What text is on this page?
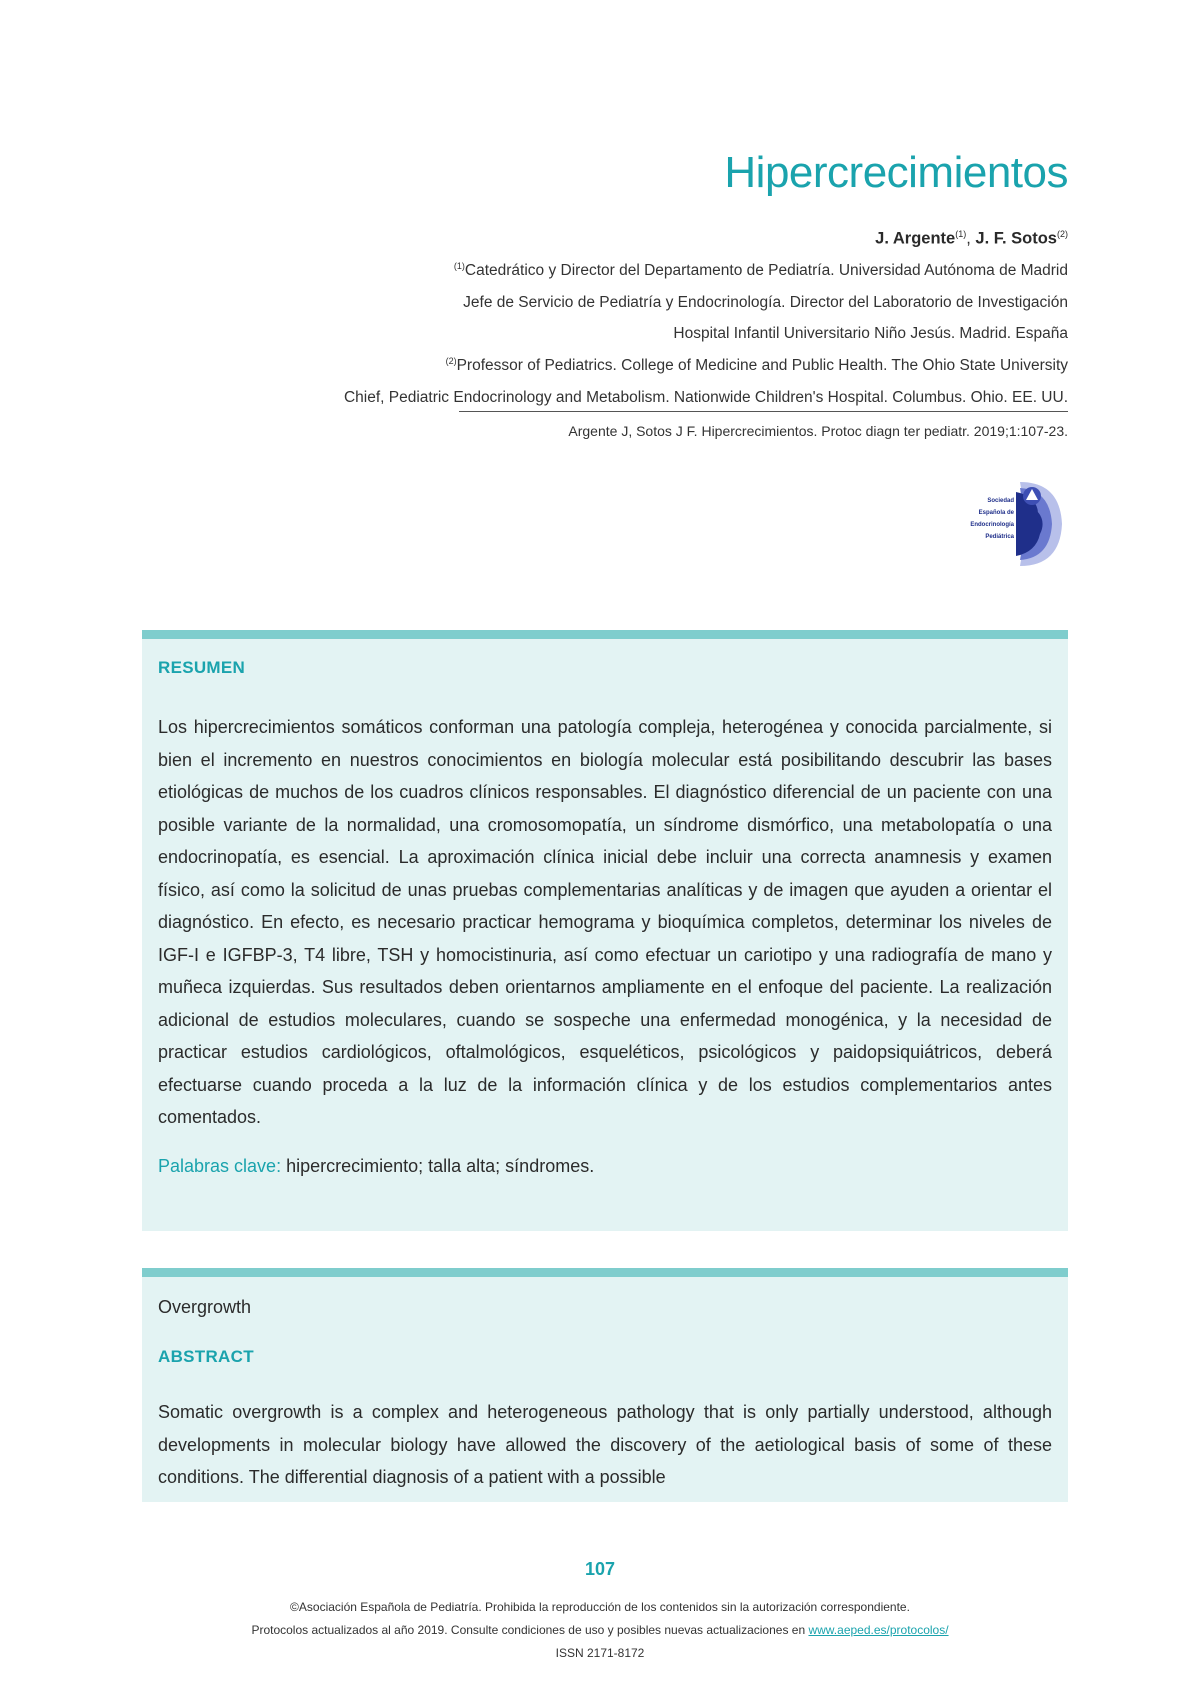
Hipercrecimientos
J. Argente$^{(1)}$, J. F. Sotos$^{(2)}$
$^{(1)}$Catedrático y Director del Departamento de Pediatría. Universidad Autónoma de Madrid
Jefe de Servicio de Pediatría y Endocrinología. Director del Laboratorio de Investigación
Hospital Infantil Universitario Niño Jesús. Madrid. España
$^{(2)}$Professor of Pediatrics. College of Medicine and Public Health. The Ohio State University
Chief, Pediatric Endocrinology and Metabolism. Nationwide Children's Hospital. Columbus. Ohio. EE. UU.
Argente J, Sotos J F. Hipercrecimientos. Protoc diagn ter pediatr. 2019;1:107-23.
Sociedad
Española de
Endocrinología
Pediátrica
RESUMEN

Los hipercrecimientos somáticos conforman una patología compleja, heterogénea y conocida parcialmente, si bien el incremento en nuestros conocimientos en biología molecular está posibilitando descubrir las bases etiológicas de muchos de los cuadros clínicos responsables. El diagnóstico diferencial de un paciente con una posible variante de la normalidad, una cromosomopatía, un síndrome dismórfico, una metabolopatía o una endocrinopatía, es esencial. La aproximación clínica inicial debe incluir una correcta anamnesis y examen físico, así como la solicitud de unas pruebas complementarias analíticas y de imagen que ayuden a orientar el diagnóstico. En efecto, es necesario practicar hemograma y bioquímica completos, determinar los niveles de IGF-I e IGFBP-3, T4 libre, TSH y homocistinuria, así como efectuar un cariotipo y una radiografía de mano y muñeca izquierdas. Sus resultados deben orientarnos ampliamente en el enfoque del paciente. La realización adicional de estudios moleculares, cuando se sospeche una enfermedad monogénica, y la necesidad de practicar estudios cardiológicos, oftalmológicos, esqueléticos, psicológicos y paidopsiquiátricos, deberá efectuarse cuando proceda a la luz de la información clínica y de los estudios complementarios antes comentados.

Palabras clave: hipercrecimiento; talla alta; síndromes.
Overgrowth
ABSTRACT

Somatic overgrowth is a complex and heterogeneous pathology that is only partially understood, although developments in molecular biology have allowed the discovery of the aetiological basis of some of these conditions. The differential diagnosis of a patient with a possible

107
©Asociación Española de Pediatría. Prohibida la reproducción de los contenidos sin la autorización correspondiente.
Protocolos actualizados al año 2019. Consulte condiciones de uso y posibles nuevas actualizaciones en www.aeped.es/protocolos/
ISSN 2171-8172
